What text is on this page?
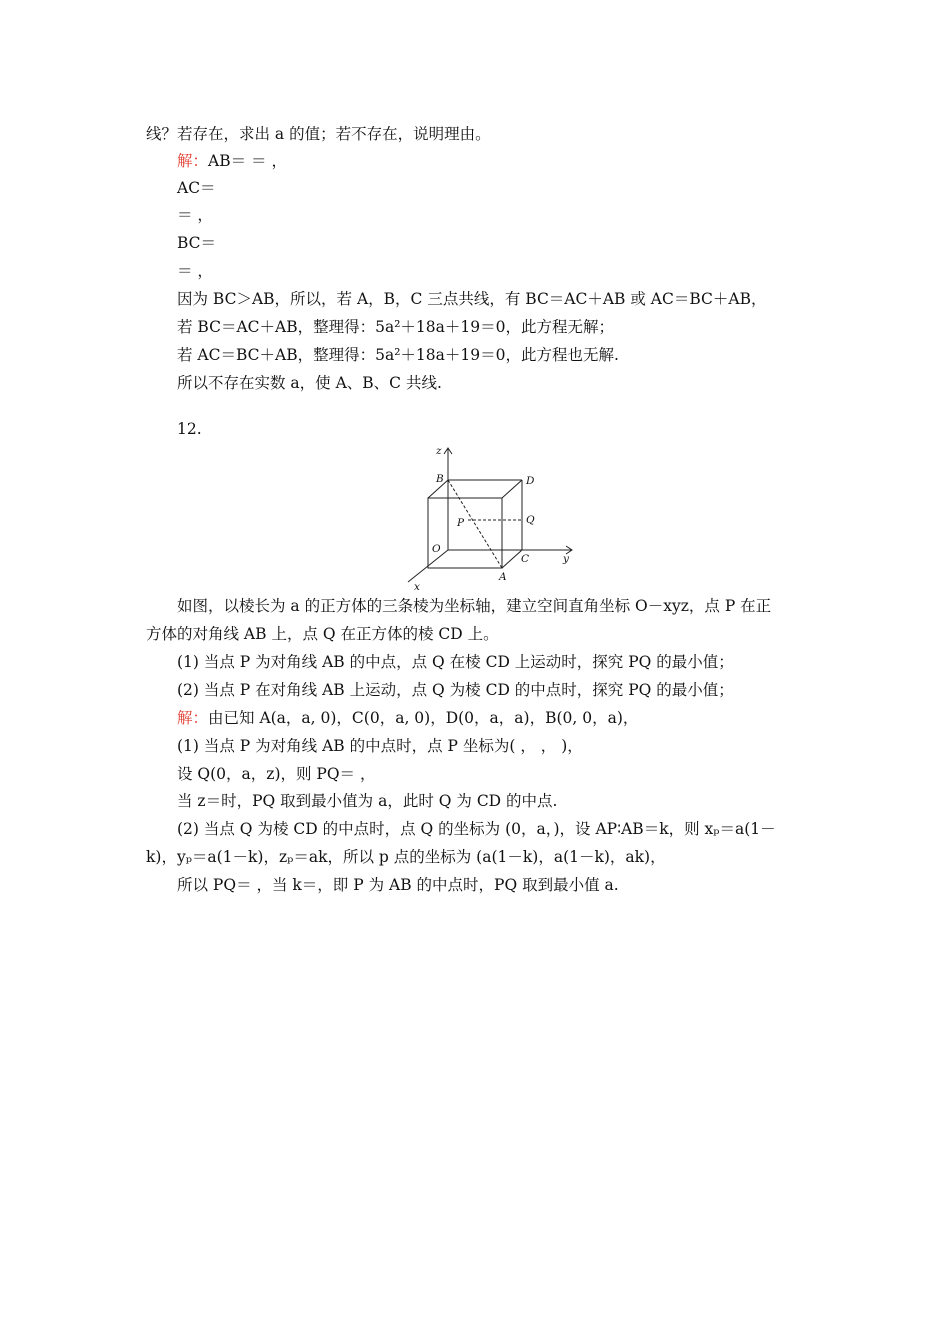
线？若存在，求出 a 的值；若不存在，说明理由。
解：AB＝ ＝ ，
AC＝
＝ ，
BC＝
＝ ，
因为 BC＞AB，所以，若 A，B，C 三点共线，有 BC＝AC＋AB 或 AC＝BC＋AB，
若 BC＝AC＋AB，整理得：5a²＋18a＋19＝0，此方程无解；
若 AC＝BC＋AB，整理得：5a²＋18a＋19＝0，此方程也无解.
所以不存在实数 a，使 A、B、C 共线.
12.
z
B	D
P	Q
O
C	y
A
x
如图，以棱长为 a 的正方体的三条棱为坐标轴，建立空间直角坐标 O－xyz，点 P 在正
方体的对角线 AB 上，点 Q 在正方体的棱 CD 上。
(1) 当点 P 为对角线 AB 的中点，点 Q 在棱 CD 上运动时，探究 PQ 的最小值；
(2) 当点 P 在对角线 AB 上运动，点 Q 为棱 CD 的中点时，探究 PQ 的最小值；
解：由已知 A(a，a, 0)，C(0，a, 0)，D(0，a，a)，B(0, 0，a)，
(1) 当点 P 为对角线 AB 的中点时，点 P 坐标为( ， ， )，
设 Q(0，a，z)，则 PQ＝ ，
当 z＝时，PQ 取到最小值为 a，此时 Q 为 CD 的中点.
(2) 当点 Q 为棱 CD 的中点时，点 Q 的坐标为 (0，a，)，设 AP∶AB＝k，则 xₚ＝a(1－
k)，yₚ＝a(1－k)，zₚ＝ak，所以 p 点的坐标为 (a(1－k)，a(1－k)，ak)，
所以 PQ＝ ，当 k＝，即 P 为 AB 的中点时，PQ 取到最小值 a.
